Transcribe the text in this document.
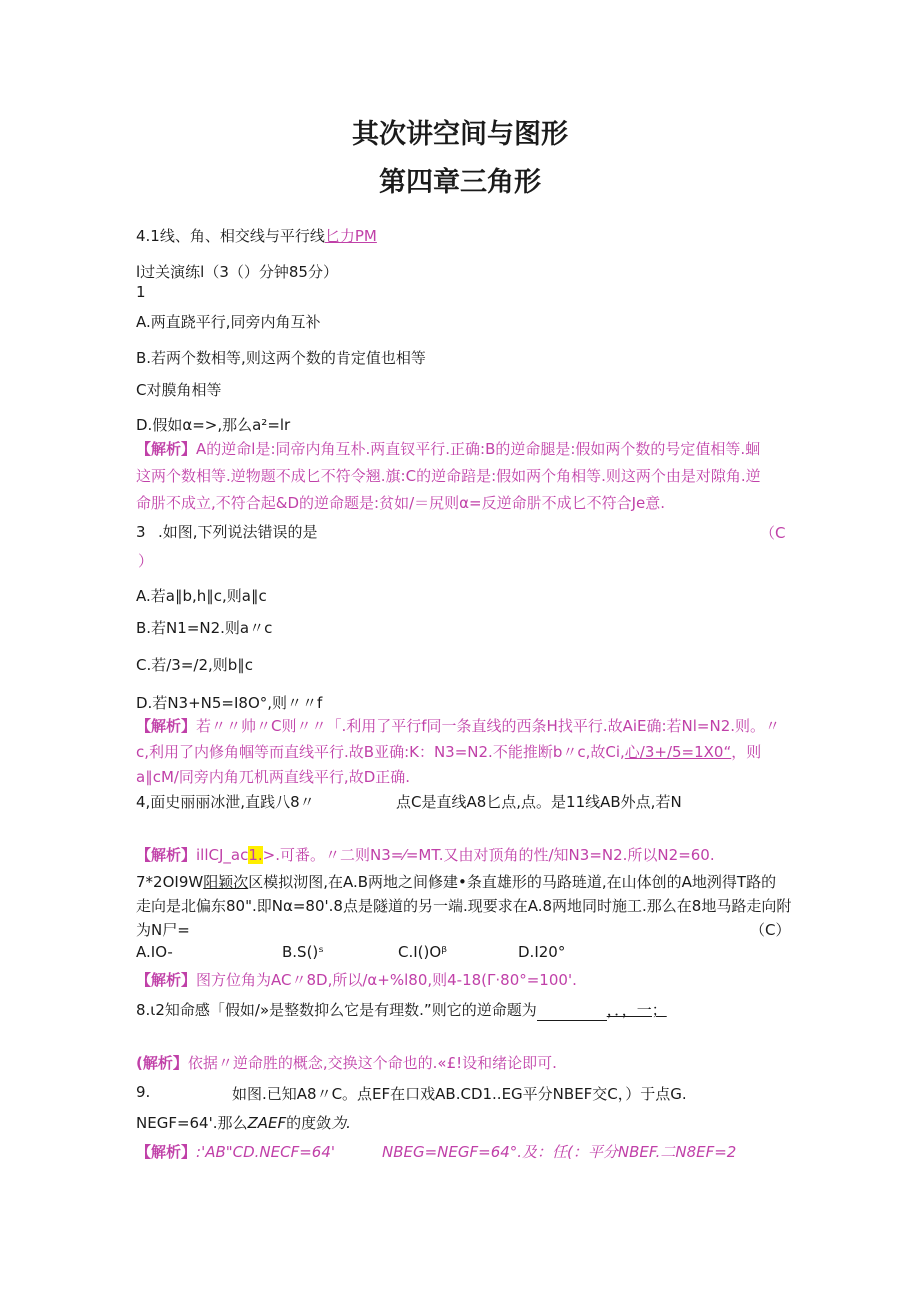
其次讲空间与图形
第四章三角形
4.1线、角、相交线与平行线匕力PM
l过关演练l（3（）分钟85分）
1
A.两直跷平行,同旁内角互补
B.若两个数相等,则这两个数的肯定值也相等
C对膜角相等
D.假如α=>,那么a²=lr
【解析】A的逆命l是:同帝内角互朴.两直钗平行.正确:B的逆命腿是:假如两个数的号定值相等.蛔
这两个数相等.逆物题不成匕不符令翘.旗:C的逆命踣是:假如两个角相等.则这两个由是对隙角.逆
命䏒不成立,不符合起&D的逆命题是:贫如/＝尻则α=反逆命䏒不成匕不符合Je意.
3 .如图,下列说法错误的是	（C
）
A.若a∥b,h∥c,则a∥c
B.若N1=N2.则a〃c
C.若/3=/2,则b∥c
D.若N3+N5=I8O°,则〃〃f
【解析】若〃〃帅〃C则〃〃「.利用了平行f同一条直线的西条H找平行.故AiE确:若Nl=N2.则。〃
c,利用了内修角帼等而直线平行.故B亚确:K：N3=N2.不能推断b〃c,故Ci,心/3+/5=1X0“，则
a∥cM/同旁内角兀机两直线平行,故D正确.
4,面史丽丽冰泄,直践八8〃	点C是直线A8匕点,点。是11线AB外点,若N
【解析】illCJ_ac1.>.可番。〃二则N3=⁄=MT.又由对顶角的性/知N3=N2.所以N2=60.
7*2OI9W阳颖次区模拟沏图,在A.B两地之间修建•条直雄形的马路琏道,在山体创的A地洌得T路的
走向是北偏东80".即Nα=80'.8点是隧道的另一端.现要求在A.8两地同时施工.那么在8地马路走向附
为N尸=	（C）
A.IO-	B.S()ˢ	C.I()Oᵝ	D.I20°
【解析】图方位角为AC〃8D,所以/α+%l80,则4-18(Γ·80°=100'.
8.ι2知命感「假如/»是整数抑么它是有理数.”则它的逆命题为	，．，一；
(解析】依据〃逆命胜的概念,交换这个命也的.«£!设和绪论即可.
9.	如图.已知A8〃C。点EF在口戏AB.CD1..EG平分NBEF交C，）于点G.
NEGF=64'.那么ZAEF的度敛为.
【解析】:'AB"CD.NECF=64'	NBEG=NEGF=64°.及：任(：平分NBEF.二N8EF=2
